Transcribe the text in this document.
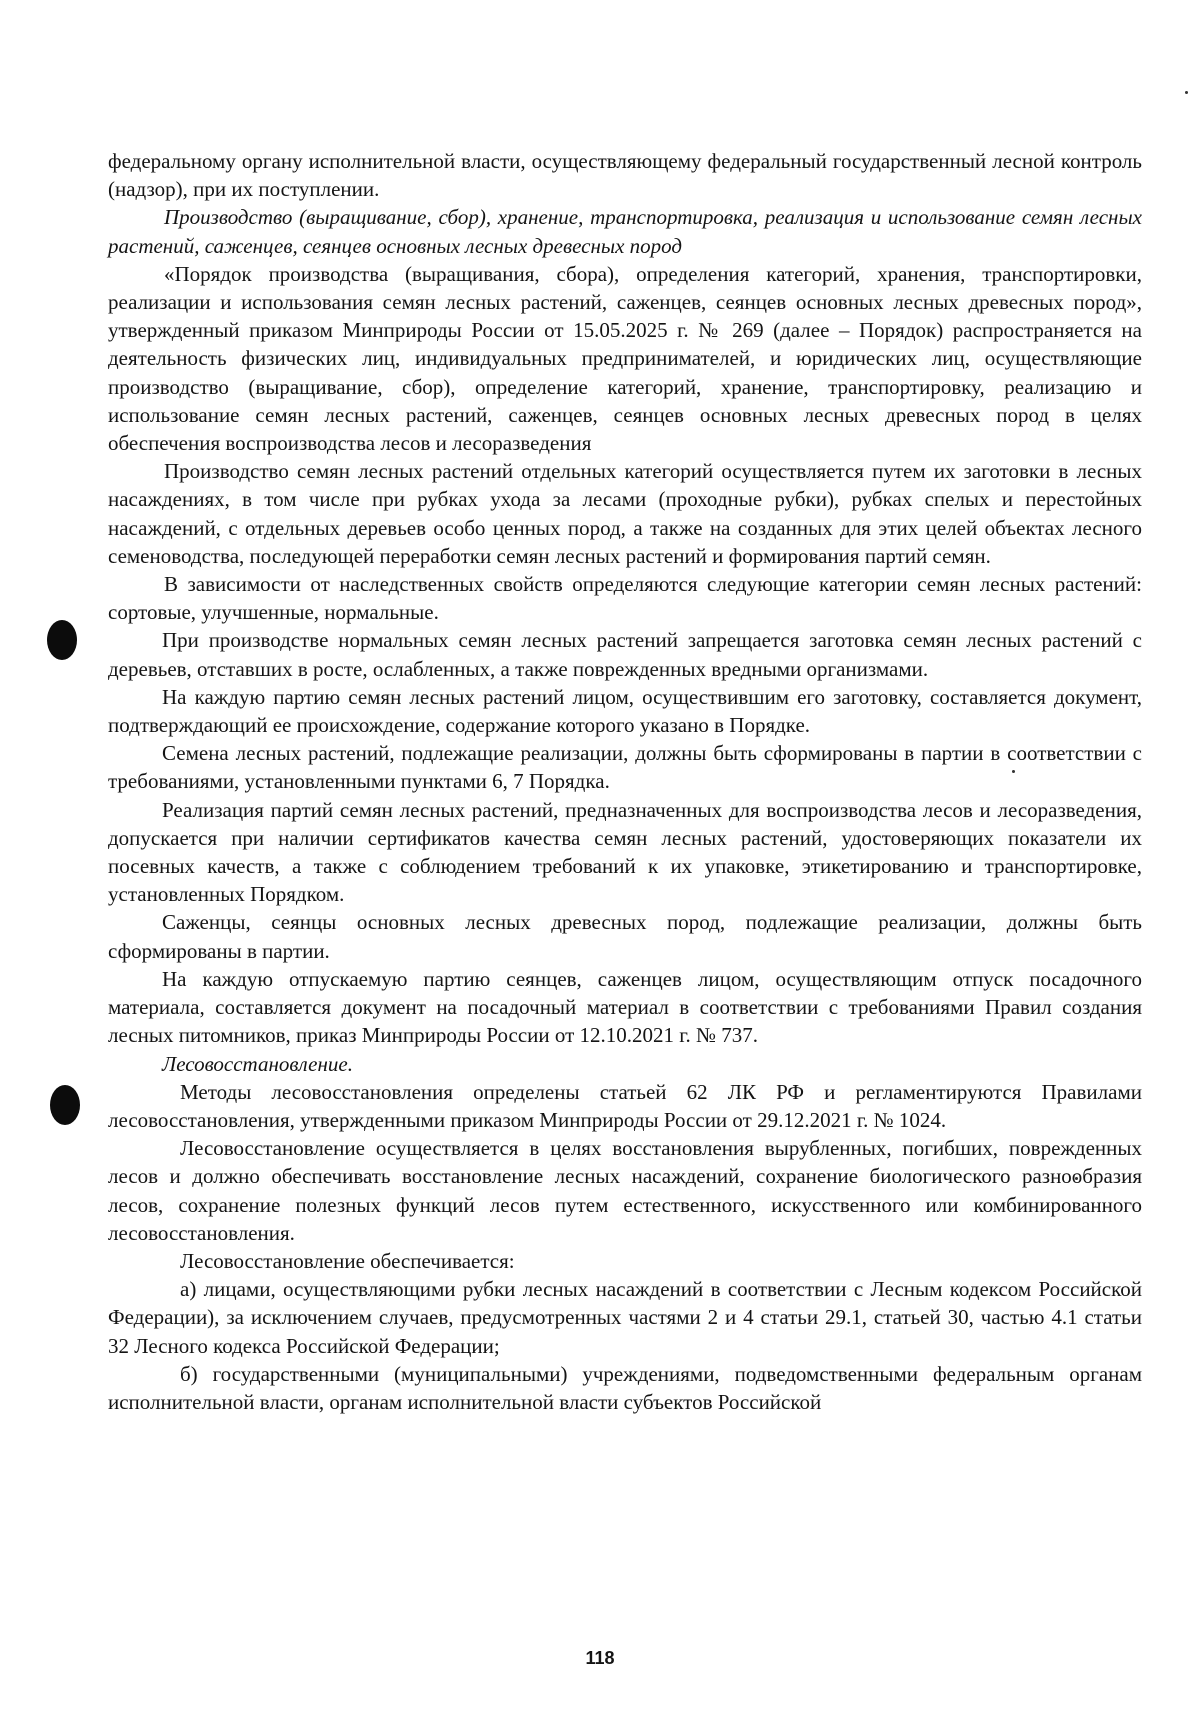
федеральному органу исполнительной власти, осуществляющему федеральный государственный лесной контроль (надзор), при их поступлении.

Производство (выращивание, сбор), хранение, транспортировка, реализация и использование семян лесных растений, саженцев, сеянцев основных лесных древесных пород

«Порядок производства (выращивания, сбора), определения категорий, хранения, транспортировки, реализации и использования семян лесных растений, саженцев, сеянцев основных лесных древесных пород», утвержденный приказом Минприроды России от 15.05.2025 г. № 269 (далее – Порядок) распространяется на деятельность физических лиц, индивидуальных предпринимателей, и юридических лиц, осуществляющие производство (выращивание, сбор), определение категорий, хранение, транспортировку, реализацию и использование семян лесных растений, саженцев, сеянцев основных лесных древесных пород в целях обеспечения воспроизводства лесов и лесоразведения

Производство семян лесных растений отдельных категорий осуществляется путем их заготовки в лесных насаждениях, в том числе при рубках ухода за лесами (проходные рубки), рубках спелых и перестойных насаждений, с отдельных деревьев особо ценных пород, а также на созданных для этих целей объектах лесного семеноводства, последующей переработки семян лесных растений и формирования партий семян.

В зависимости от наследственных свойств определяются следующие категории семян лесных растений: сортовые, улучшенные, нормальные.

При производстве нормальных семян лесных растений запрещается заготовка семян лесных растений с деревьев, отставших в росте, ослабленных, а также поврежденных вредными организмами.

На каждую партию семян лесных растений лицом, осуществившим его заготовку, составляется документ, подтверждающий ее происхождение, содержание которого указано в Порядке.

Семена лесных растений, подлежащие реализации, должны быть сформированы в партии в соответствии с требованиями, установленными пунктами 6, 7 Порядка.

Реализация партий семян лесных растений, предназначенных для воспроизводства лесов и лесоразведения, допускается при наличии сертификатов качества семян лесных растений, удостоверяющих показатели их посевных качеств, а также с соблюдением требований к их упаковке, этикетированию и транспортировке, установленных Порядком.

Саженцы, сеянцы основных лесных древесных пород, подлежащие реализации, должны быть сформированы в партии.

На каждую отпускаемую партию сеянцев, саженцев лицом, осуществляющим отпуск посадочного материала, составляется документ на посадочный материал в соответствии с требованиями Правил создания лесных питомников, приказ Минприроды России от 12.10.2021 г. № 737.

Лесовосстановление.

Методы лесовосстановления определены статьей 62 ЛК РФ и регламентируются Правилами лесовосстановления, утвержденными приказом Минприроды России от 29.12.2021 г. № 1024.

Лесовосстановление осуществляется в целях восстановления вырубленных, погибших, поврежденных лесов и должно обеспечивать восстановление лесных насаждений, сохранение биологического разнообразия лесов, сохранение полезных функций лесов путем естественного, искусственного или комбинированного лесовосстановления.

Лесовосстановление обеспечивается:

а) лицами, осуществляющими рубки лесных насаждений в соответствии с Лесным кодексом Российской Федерации), за исключением случаев, предусмотренных частями 2 и 4 статьи 29.1, статьей 30, частью 4.1 статьи 32 Лесного кодекса Российской Федерации;

б) государственными (муниципальными) учреждениями, подведомственными федеральным органам исполнительной власти, органам исполнительной власти субъектов Российской

118
